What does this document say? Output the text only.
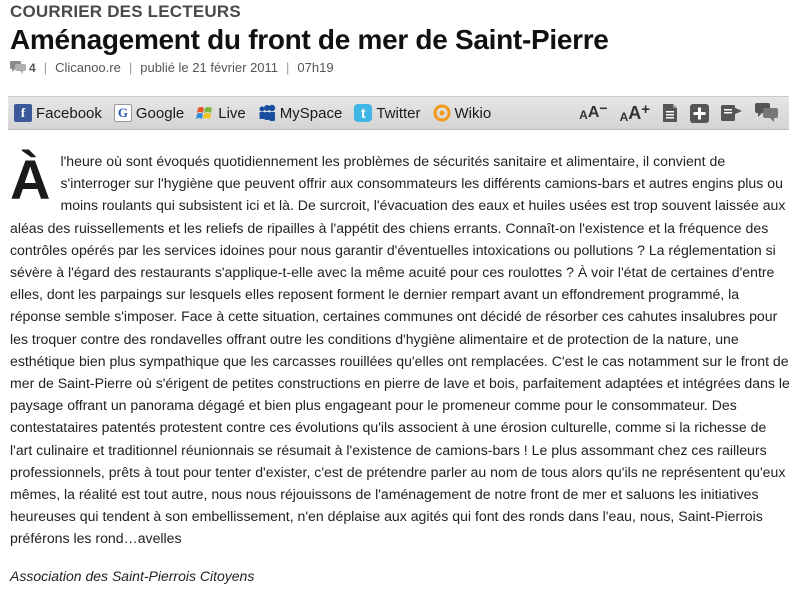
COURRIER DES LECTEURS
Aménagement du front de mer de Saint-Pierre
4 | Clicanoo.re | publié le 21 février 2011 | 07h19
f Facebook	G Google Live MySpace	t Twitter Wikio	A A −
A A +

À l'heure où sont évoqués quotidiennement les problèmes de sécurités sanitaire et alimentaire, il convient de s'interroger sur l'hygiène que peuvent offrir aux consommateurs les différents camions-bars et autres engins plus ou moins roulants qui subsistent ici et là. De surcroit, l'évacuation des eaux et huiles usées est trop souvent laissée aux aléas des ruissellements et les reliefs de ripailles à l'appétit des chiens errants. Connaît-on l'existence et la fréquence des contrôles opérés par les services idoines pour nous garantir d'éventuelles intoxications ou pollutions ? La réglementation si sévère à l'égard des restaurants s'applique-t-elle avec la même acuité pour ces roulottes ? À voir l'état de certaines d'entre elles, dont les parpaings sur lesquels elles reposent forment le dernier rempart avant un effondrement programmé, la réponse semble s'imposer. Face à cette situation, certaines communes ont décidé de résorber ces cahutes insalubres pour les troquer contre des rondavelles offrant outre les conditions d'hygiène alimentaire et de protection de la nature, une esthétique bien plus sympathique que les carcasses rouillées qu'elles ont remplacées. C'est le cas notamment sur le front de mer de Saint-Pierre où s'érigent de petites constructions en pierre de lave et bois, parfaitement adaptées et intégrées dans le paysage offrant un panorama dégagé et bien plus engageant pour le promeneur comme pour le consommateur. Des contestataires patentés protestent contre ces évolutions qu'ils associent à une érosion culturelle, comme si la richesse de l'art culinaire et traditionnel réunionnais se résumait à l'existence de camions-bars ! Le plus assommant chez ces railleurs professionnels, prêts à tout pour tenter d'exister, c'est de prétendre parler au nom de tous alors qu'ils ne représentent qu'eux mêmes, la réalité est tout autre, nous nous réjouissons de l'aménagement de notre front de mer et saluons les initiatives heureuses qui tendent à son embellissement, n'en déplaise aux agités qui font des ronds dans l'eau, nous, Saint-Pierrois préférons les rond…avelles

Association des Saint-Pierrois Citoyens
